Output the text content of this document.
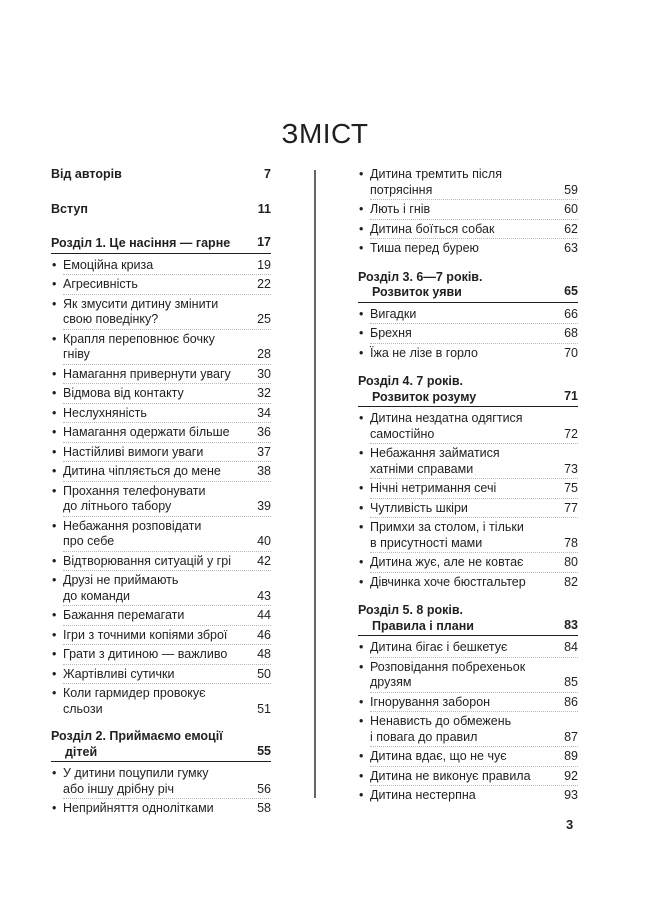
ЗМІСТ
Від авторів	7
Вступ	11
Розділ 1. Це насіння — гарне	17
• Емоційна криза	19
• Агресивність	22
• Як змусити дитину змінити
свою поведінку?	25
• Крапля переповнює бочку
гніву	28
• Намагання привернути увагу	30
• Відмова від контакту	32
• Неслухняність	34
• Намагання одержати більше	36
• Настійливі вимоги уваги	37
• Дитина чіпляється до мене	38
• Прохання телефонувати
до літнього табору	39
• Небажання розповідати
про себе	40
• Відтворювання ситуацій у грі	42
• Друзі не приймають
до команди	43
• Бажання перемагати	44
• Ігри з точними копіями зброї	46
• Грати з дитиною — важливо	48
• Жартівливі сутички	50
• Коли гармидер провокує
сльози	51
Розділ 2. Приймаємо емоції
дітей	55
• У дитини поцупили гумку
або іншу дрібну річ	56
• Неприйняття однолітками	58
• Дитина тремтить після
потрясіння	59
• Лють і гнів	60
• Дитина боїться собак	62
• Тиша перед бурею	63
Розділ 3. 6—7 років.
Розвиток уяви	65
• Вигадки	66
• Брехня	68
• Їжа не лізе в горло	70
Розділ 4. 7 років.
Розвиток розуму	71
• Дитина нездатна одягтися
самостійно	72
• Небажання займатися
хатніми справами	73
• Нічні нетримання сечі	75
• Чутливість шкіри	77
• Примхи за столом, і тільки
в присутності мами	78
• Дитина жує, але не ковтає	80
• Дівчинка хоче бюстгальтер	82
Розділ 5. 8 років.
Правила і плани	83
• Дитина бігає і бешкетує	84
• Розповідання побрехеньок
друзям	85
• Ігнорування заборон	86
• Ненависть до обмежень
і повага до правил	87
• Дитина вдає, що не чує	89
• Дитина не виконує правила	92
• Дитина нестерпна	93
3
